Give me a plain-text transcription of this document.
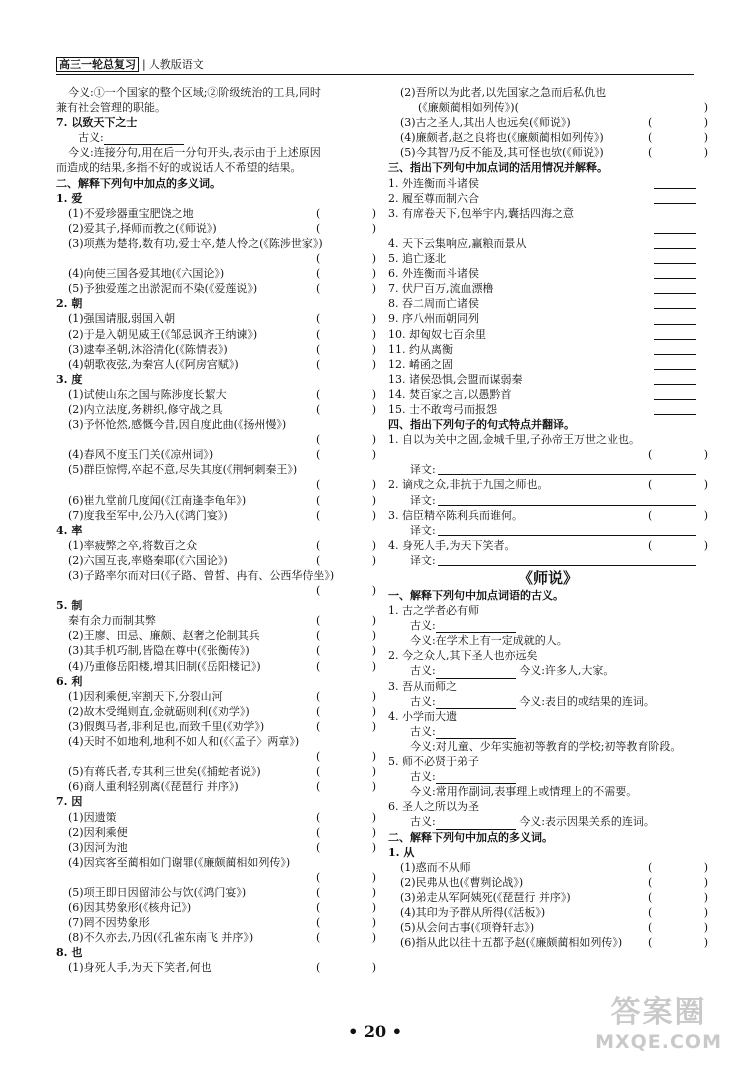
高三一轮总复习 | 人教版语文
今义:①一个国家的整个区域;②阶级统治的工具,同时
兼有社会管理的职能。
7. 以致天下之士
古义:
今义:连接分句,用在后一分句开头,表示由于上述原因
而造成的结果,多指不好的或说话人不希望的结果。
二、解释下列句中加点的多义词。
1. 爱
(1)不爱珍器重宝肥饶之地	(	)
(2)爱其子,择师而教之(《师说》)	(	)
(3)项燕为楚将,数有功,爱士卒,楚人怜之(《陈涉世家》)
(	)
(4)向使三国各爱其地(《六国论》)	(	)
(5)予独爱莲之出淤泥而不染(《爱莲说》)	(	)
2. 朝
(1)强国请服,弱国入朝	(	)
(2)于是入朝见威王(《邹忌讽齐王纳谏》)	(	)
(3)逮奉圣朝,沐浴清化(《陈情表》)	(	)
(4)朝歌夜弦,为秦宫人(《阿房宫赋》)	(	)
3. 度
(1)试使山东之国与陈涉度长絜大	(	)
(2)内立法度,务耕织,修守战之具	(	)
(3)予怀怆然,感慨今昔,因自度此曲(《扬州慢》)
(	)
(4)春风不度玉门关(《凉州词》)	(	)
(5)群臣惊愕,卒起不意,尽失其度(《荆轲刺秦王》)
(	)
(6)崔九堂前几度闻(《江南逢李龟年》)	(	)
(7)度我至军中,公乃入(《鸿门宴》)	(	)
4. 率
(1)率疲弊之卒,将数百之众	(	)
(2)六国互丧,率赂秦耶(《六国论》)	(	)
(3)子路率尔而对曰(《子路、曾皙、冉有、公西华侍坐》)
(	)
5. 制
秦有余力而制其弊	(	)
(2)王廖、田忌、廉颇、赵奢之伦制其兵	(	)
(3)其手机巧制,皆隐在尊中(《张衡传》)	(	)
(4)乃重修岳阳楼,增其旧制(《岳阳楼记》)	(	)
6. 利
(1)因利乘便,宰割天下,分裂山河	(	)
(2)故木受绳则直,金就砺则利(《劝学》)	(	)
(3)假舆马者,非利足也,而致千里(《劝学》)	(	)
(4)天时不如地利,地利不如人和(《〈孟子〉两章》)
(	)
(5)有蒋氏者,专其利三世矣(《捕蛇者说》)	(	)
(6)商人重利轻别离(《琵琶行 并序》)	(	)
7. 因
(1)因遗策	(	)
(2)因利乘便	(	)
(3)因河为池	(	)
(4)因宾客至蔺相如门谢罪(《廉颇蔺相如列传》)
(	)
(5)项王即日因留沛公与饮(《鸿门宴》)	(	)
(6)因其势象形(《核舟记》)	(	)
(7)罔不因势象形	(	)
(8)不久亦去,乃因(《孔雀东南飞 并序》)	(	)
8. 也
(1)身死人手,为天下笑者,何也	(	)
(2)吾所以为此者,以先国家之急而后私仇也
(《廉颇蔺相如列传》)(	)
(3)古之圣人,其出人也远矣(《师说》)	(	)
(4)廉颇者,赵之良将也(《廉颇蔺相如列传》)	(	)
(5)今其智乃反不能及,其可怪也欤(《师说》)	(	)
三、指出下列句中加点词的活用情况并解释。
1. 外连衡而斗诸侯
2. 履至尊而制六合
3. 有席卷天下,包举宇内,囊括四海之意
4. 天下云集响应,赢粮而景从
5. 追亡逐北
6. 外连衡而斗诸侯
7. 伏尸百万,流血漂橹
8. 吞二周而亡诸侯
9. 序八州而朝同列
10. 却匈奴七百余里
11. 约从离衡
12. 崤函之固
13. 诸侯恐惧,会盟而谋弱秦
14. 焚百家之言,以愚黔首
15. 士不敢弯弓而报怨
四、指出下列句子的句式特点并翻译。
1. 自以为关中之固,金城千里,子孙帝王万世之业也。
(	)
译文:
2. 谪戍之众,非抗于九国之师也。	(	)
译文:
3. 信臣精卒陈利兵而谁何。	(	)
译文:
4. 身死人手,为天下笑者。	(	)
译文:
《师说》
一、解释下列句中加点词语的古义。
1. 古之学者必有师
古义:
今义:在学术上有一定成就的人。
2. 今之众人,其下圣人也亦远矣
古义:	今义:许多人,大家。
3. 吾从而师之
古义:	今义:表目的或结果的连词。
4. 小学而大遗
古义:
今义:对儿童、少年实施初等教育的学校;初等教育阶段。
5. 师不必贤于弟子
古义:
今义:常用作副词,表事理上或情理上的不需要。
6. 圣人之所以为圣
古义:	今义:表示因果关系的连词。
二、解释下列句中加点的多义词。
1. 从
(1)惑而不从师	(	)
(2)民弗从也(《曹刿论战》)	(	)
(3)弟走从军阿姨死(《琵琶行 并序》)	(	)
(4)其印为予群从所得(《活板》)	(	)
(5)从会问古事(《项脊轩志》)	(	)
(6)指从此以往十五都予赵(《廉颇蔺相如列传》) (	)
• 20 •
答案圈
MXQE.COM
